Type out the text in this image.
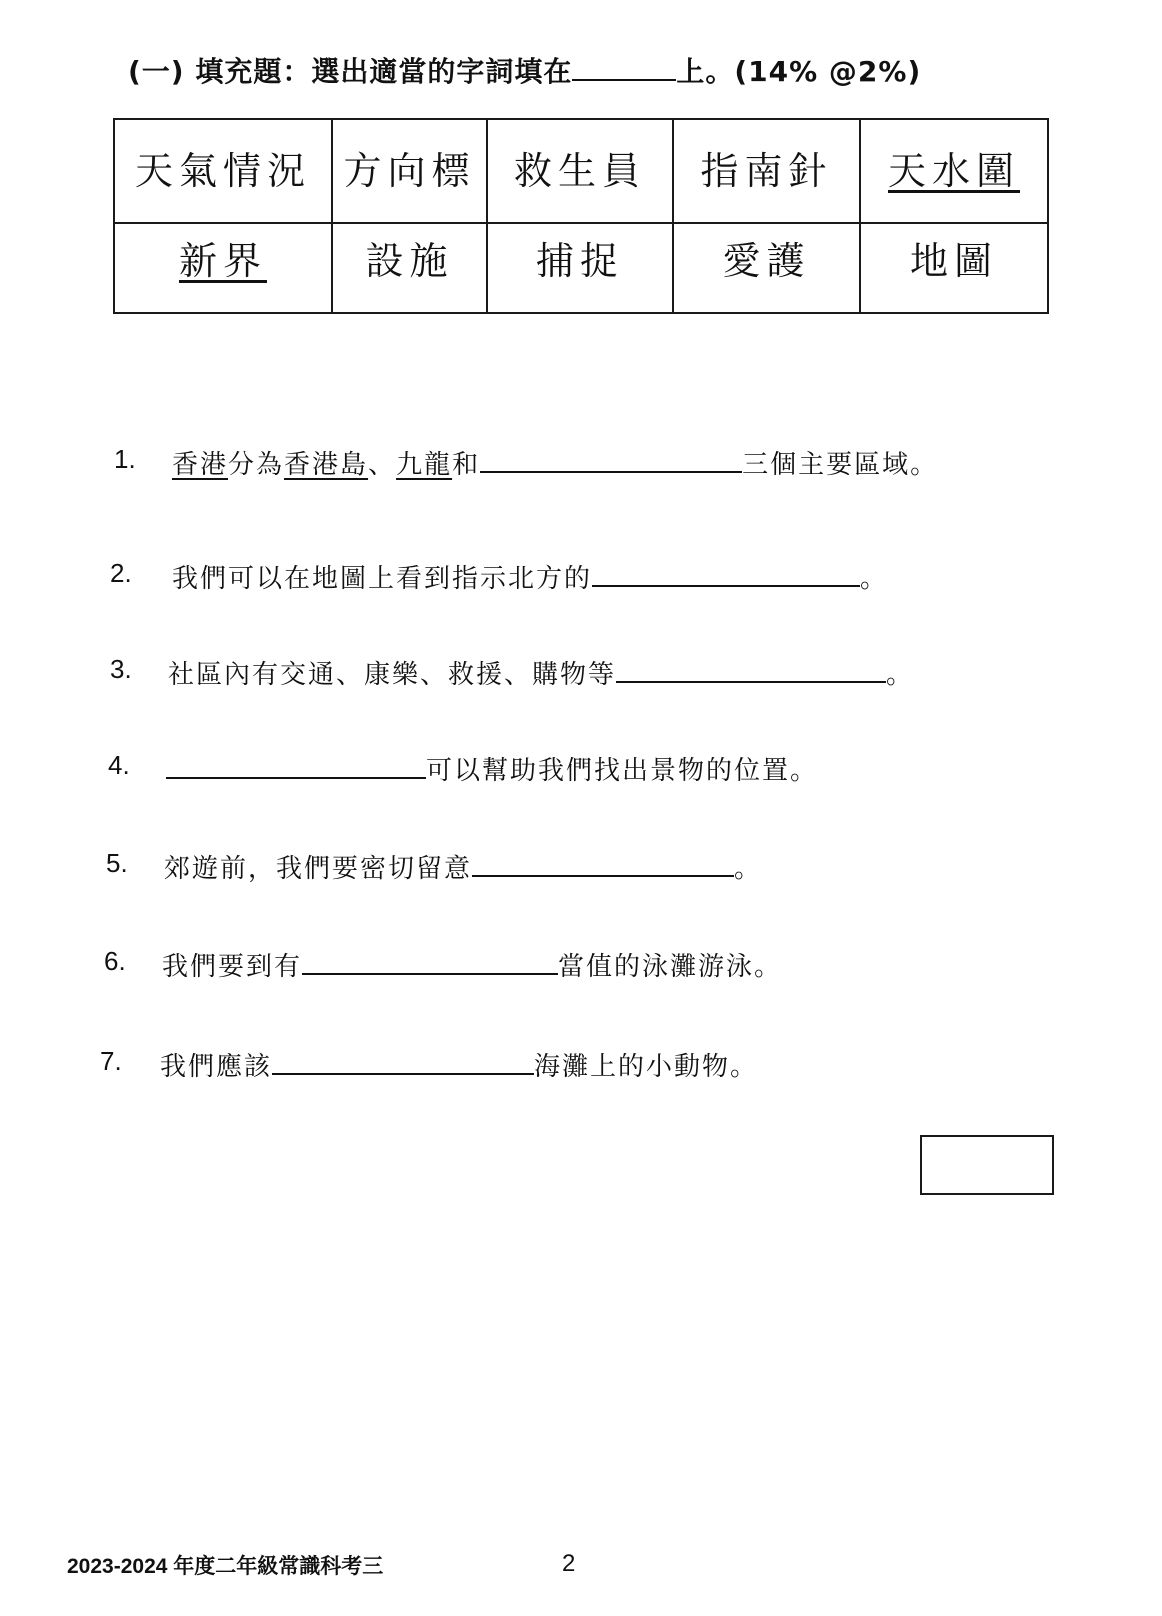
(一) 填充題：選出適當的字詞填在	上。(14% @2%)
天氣情況	方向標	救生員	指南針	天水圍
新界	設施	捕捉	愛護	地圖
1. 香港分為香港島、九龍和	三個主要區域。
2. 我們可以在地圖上看到指示北方的	。
3. 社區內有交通、康樂、救援、購物等	。
4.	可以幫助我們找出景物的位置。
5. 郊遊前，我們要密切留意	。
6. 我們要到有	當值的泳灘游泳。
7. 我們應該	海灘上的小動物。
2023-2024 年度二年級常識科考三	2
